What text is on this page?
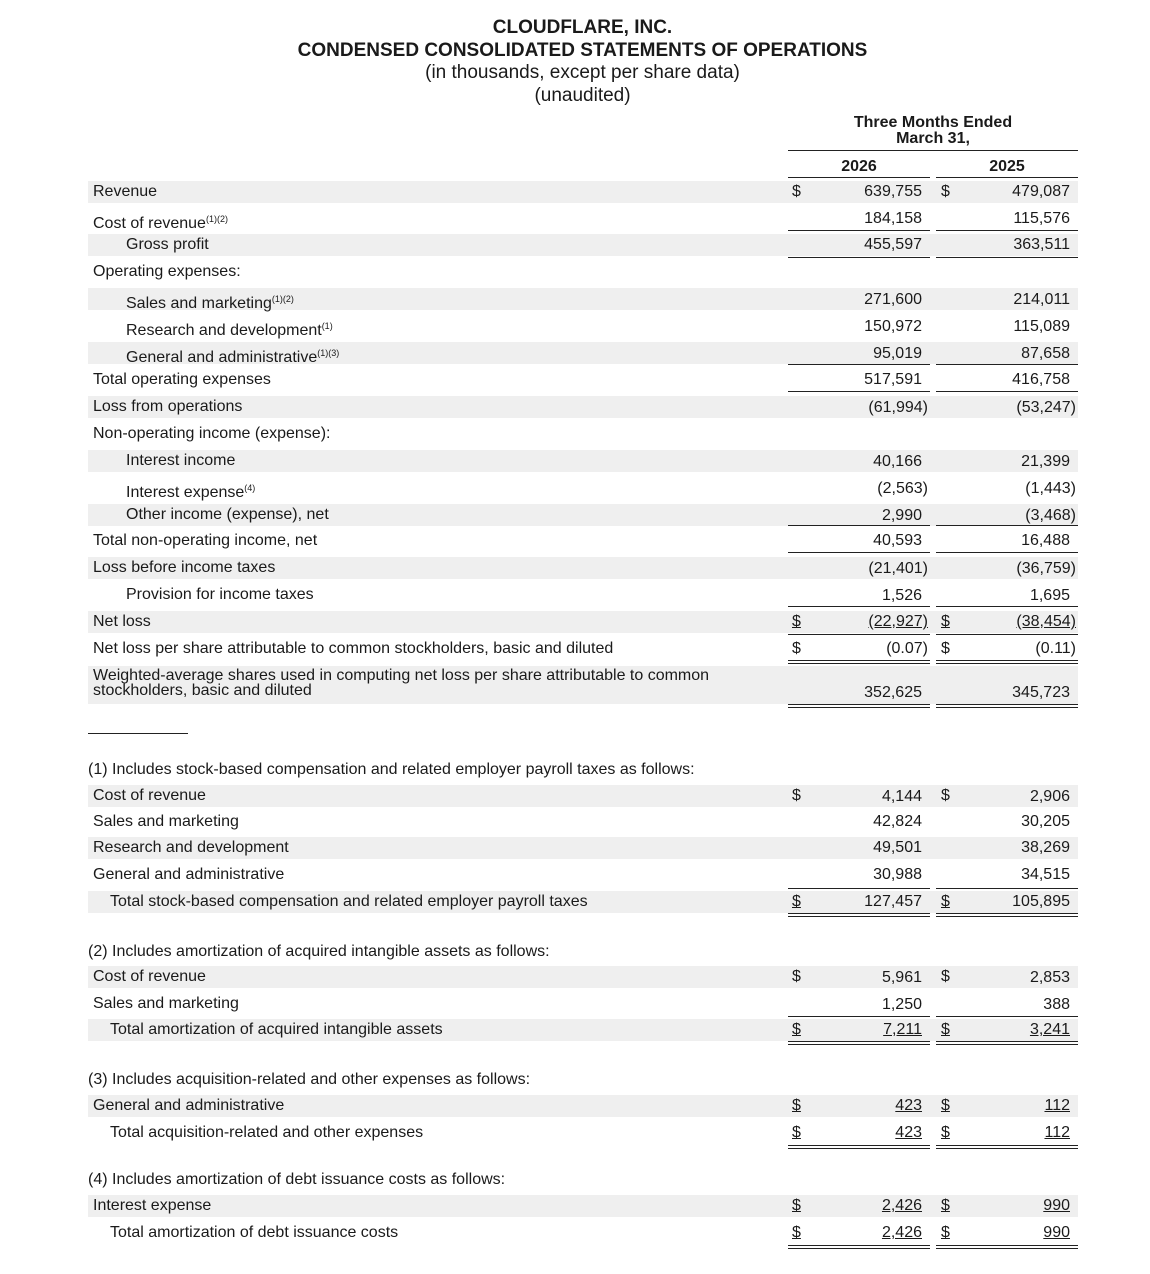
CLOUDFLARE, INC.
CONDENSED CONSOLIDATED STATEMENTS OF OPERATIONS
(in thousands, except per share data)
(unaudited)
Three Months Ended
March 31,
2026	2025
Revenue	$	639,755 $	479,087
Cost of revenue$^{(1)(2)}$	184,158	115,576
Gross profit	455,597	363,511
Operating expenses:
Sales and marketing$^{(1)(2)}$	271,600	214,011
Research and development$^{(1)}$	150,972	115,089
General and administrative$^{(1)(3)}$	95,019	87,658
Total operating expenses	517,591	416,758
Loss from operations	(61,994)	(53,247)
Non-operating income (expense):
Interest income	40,166	21,399
Interest expense$^{(4)}$	(2,563)	(1,443)
Other income (expense), net	2,990	(3,468)
Total non-operating income, net	40,593	16,488
Loss before income taxes	(21,401)	(36,759)
Provision for income taxes	1,526	1,695
Net loss	$	(22,927) $	(38,454)
Net loss per share attributable to common stockholders, basic and diluted	$	(0.07) $	(0.11)
Weighted-average shares used in computing net loss per share attributable to common
stockholders, basic and diluted	352,625	345,723
(1) Includes stock-based compensation and related employer payroll taxes as follows:
Cost of revenue	$	4,144 $	2,906
Sales and marketing	42,824	30,205
Research and development	49,501	38,269
General and administrative	30,988	34,515
Total stock-based compensation and related employer payroll taxes	$	127,457 $	105,895
(2) Includes amortization of acquired intangible assets as follows:
Cost of revenue	$	5,961 $	2,853
Sales and marketing	1,250	388
Total amortization of acquired intangible assets	$	7,211 $	3,241
(3) Includes acquisition-related and other expenses as follows:
General and administrative	$	423 $	112
Total acquisition-related and other expenses	$	423 $	112
(4) Includes amortization of debt issuance costs as follows:
Interest expense	$	2,426 $	990
Total amortization of debt issuance costs	$	2,426 $	990
